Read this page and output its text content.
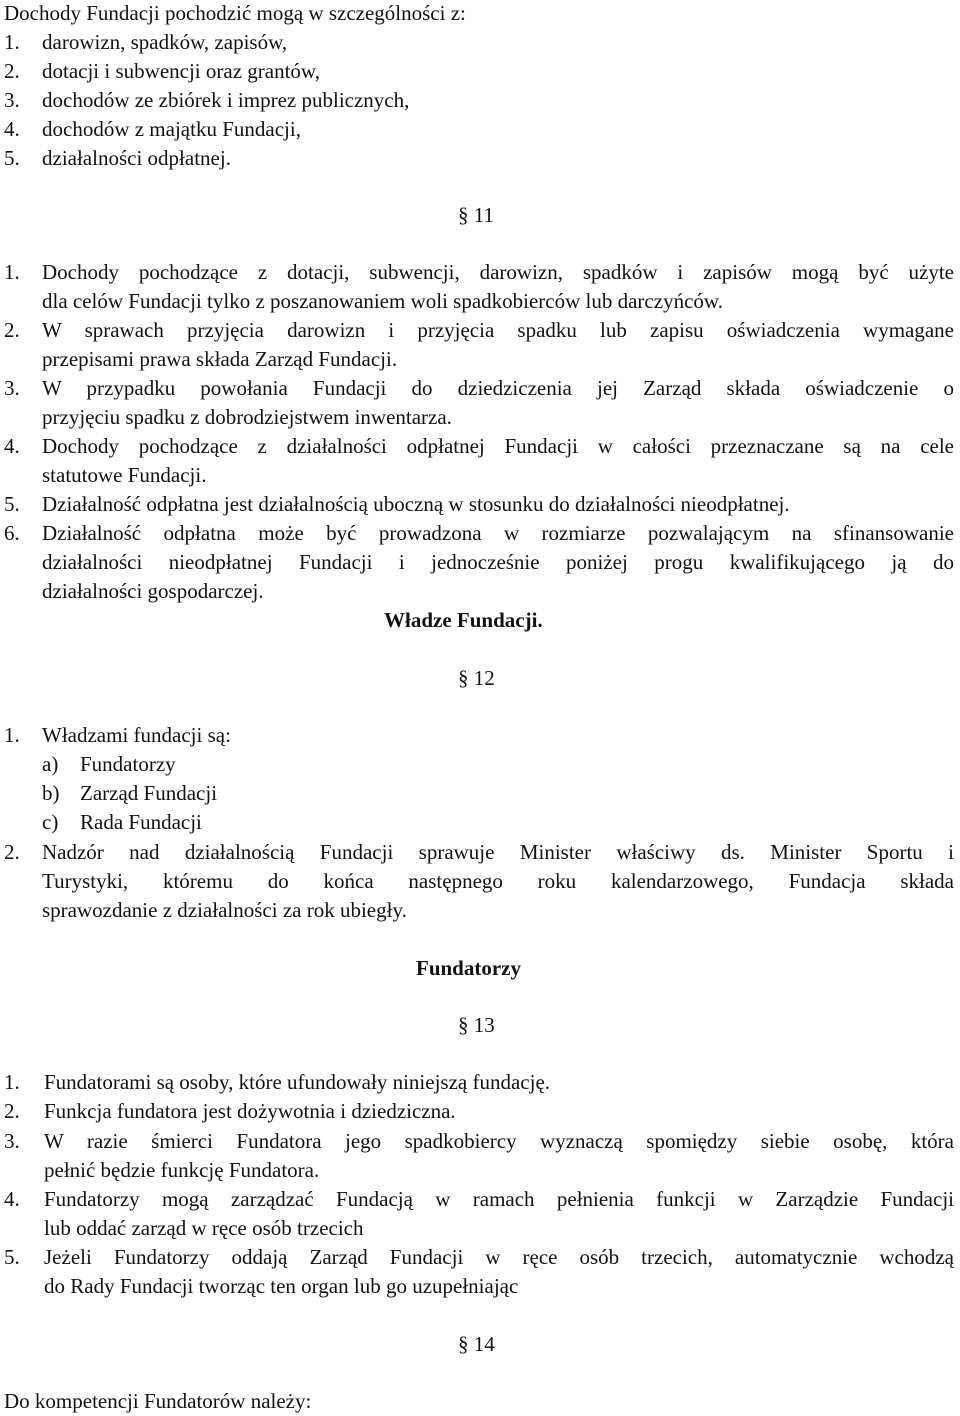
Dochody Fundacji pochodzić mogą w szczególności z:
1. darowizn, spadków, zapisów,
2. dotacji i subwencji oraz grantów,
3. dochodów ze zbiórek i imprez publicznych,
4. dochodów z majątku Fundacji,
5. działalności odpłatnej.
§ 11
1. Dochody pochodzące z dotacji, subwencji, darowizn, spadków i zapisów mogą być użyte
dla celów Fundacji tylko z poszanowaniem woli spadkobierców lub darczyńców.
2. W sprawach przyjęcia darowizn i przyjęcia spadku lub zapisu oświadczenia wymagane
przepisami prawa składa Zarząd Fundacji.
3. W przypadku powołania Fundacji do dziedziczenia jej Zarząd składa oświadczenie o
przyjęciu spadku z dobrodziejstwem inwentarza.
4. Dochody pochodzące z działalności odpłatnej Fundacji w całości przeznaczane są na cele
statutowe Fundacji.
5. Działalność odpłatna jest działalnością uboczną w stosunku do działalności nieodpłatnej.
6. Działalność odpłatna może być prowadzona w rozmiarze pozwalającym na sfinansowanie
działalności nieodpłatnej Fundacji i jednocześnie poniżej progu kwalifikującego ją do
działalności gospodarczej.
Władze Fundacji.
§ 12
1. Władzami fundacji są:
a) Fundatorzy
b) Zarząd Fundacji
c) Rada Fundacji
2. Nadzór nad działalnością Fundacji sprawuje Minister właściwy ds. Minister Sportu i
Turystyki, któremu do końca następnego roku kalendarzowego, Fundacja składa
sprawozdanie z działalności za rok ubiegły.
Fundatorzy
§ 13
1. Fundatorami są osoby, które ufundowały niniejszą fundację.
2. Funkcja fundatora jest dożywotnia i dziedziczna.
3. W razie śmierci Fundatora jego spadkobiercy wyznaczą spomiędzy siebie osobę, która
pełnić będzie funkcję Fundatora.
4. Fundatorzy mogą zarządzać Fundacją w ramach pełnienia funkcji w Zarządzie Fundacji
lub oddać zarząd w ręce osób trzecich
5. Jeżeli Fundatorzy oddają Zarząd Fundacji w ręce osób trzecich, automatycznie wchodzą
do Rady Fundacji tworząc ten organ lub go uzupełniając
§ 14
Do kompetencji Fundatorów należy:
